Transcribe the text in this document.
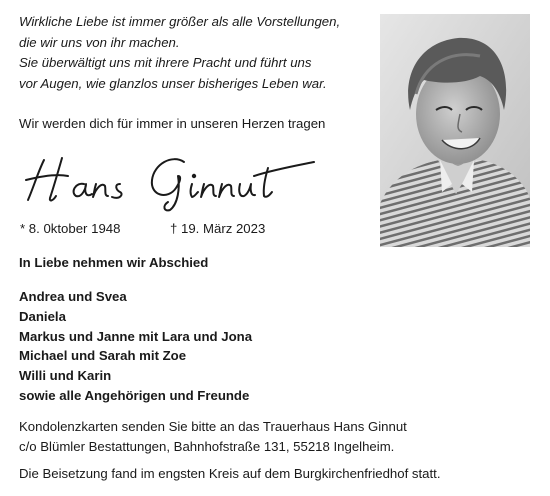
Wirkliche Liebe ist immer größer als alle Vorstellungen,
die wir uns von ihr machen.
Sie überwältigt uns mit ihrere Pracht und führt uns
vor Augen, wie glanzlos unser bisheriges Leben war.
Wir werden dich für immer in unseren Herzen tragen
* 8. 0ktober 1948	† 19. März 2023
In Liebe nehmen wir Abschied
Andrea und Svea
Daniela
Markus und Janne mit Lara und Jona
Michael und Sarah mit Zoe
Willi und Karin
sowie alle Angehörigen und Freunde
Kondolenzkarten senden Sie bitte an das Trauerhaus Hans Ginnut
c/o Blümler Bestattungen, Bahnhofstraße 131, 55218 Ingelheim.
Die Beisetzung fand im engsten Kreis auf dem Burgkirchenfriedhof statt.
